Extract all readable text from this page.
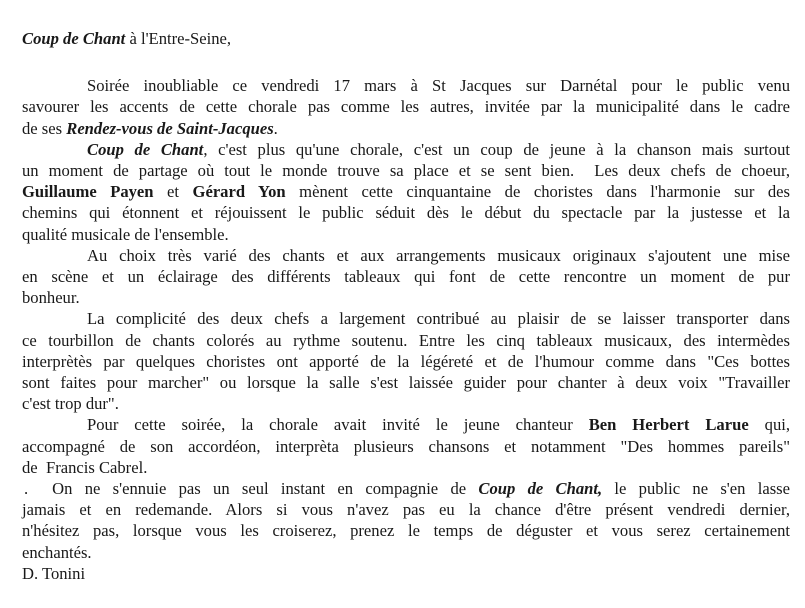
Coup de Chant à l'Entre-Seine,
Soirée inoubliable ce vendredi 17 mars à St Jacques sur Darnétal pour le public venu
savourer les accents de cette chorale pas comme les autres, invitée par la municipalité dans le cadre
de ses Rendez-vous de Saint-Jacques.
Coup de Chant, c'est plus qu'une chorale, c'est un coup de jeune à la chanson mais surtout
un moment de partage où tout le monde trouve sa place et se sent bien.  Les deux chefs de choeur,
Guillaume Payen et Gérard Yon mènent cette cinquantaine de choristes dans l'harmonie sur des
chemins qui étonnent et réjouissent le public séduit dès le début du spectacle par la justesse et la
qualité musicale de l'ensemble.
Au choix très varié des chants et aux arrangements musicaux originaux s'ajoutent une mise
en scène et un éclairage des différents tableaux qui font de cette rencontre un moment de pur
bonheur.
La complicité des deux chefs a largement contribué au plaisir de se laisser transporter dans
ce tourbillon de chants colorés au rythme soutenu. Entre les cinq tableaux musicaux, des intermèdes
interprètès par quelques choristes ont apporté de la légéreté et de l'humour comme dans "Ces bottes
sont faites pour marcher" ou lorsque la salle s'est laissée guider pour chanter à deux voix "Travailler
c'est trop dur".
Pour cette soirée, la chorale avait invité le jeune chanteur Ben Herbert Larue qui,
accompagné de son accordéon, interprèta plusieurs chansons et notamment "Des hommes pareils"
de  Francis Cabrel.
. On ne s'ennuie pas un seul instant en compagnie de Coup de Chant, le public ne s'en lasse
jamais et en redemande. Alors si vous n'avez pas eu la chance d'être présent vendredi dernier,
n'hésitez pas, lorsque vous les croiserez, prenez le temps de déguster et vous serez certainement
enchantés.
D. Tonini
